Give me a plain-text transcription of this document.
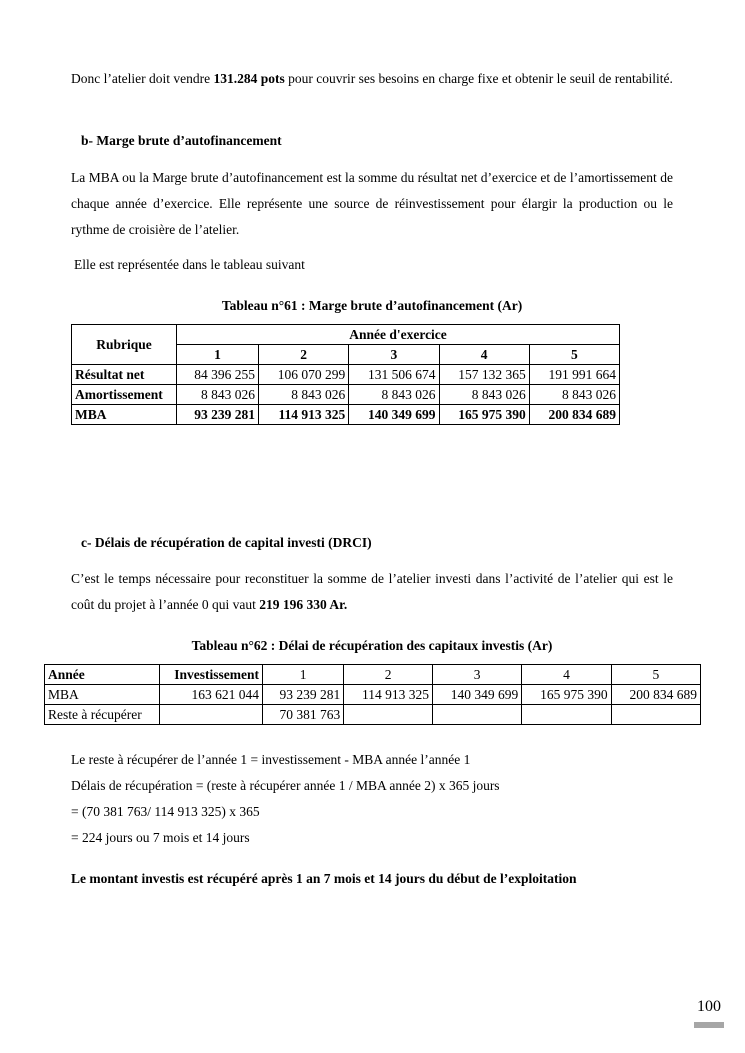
Donc l’atelier doit vendre 131.284 pots pour couvrir ses besoins en charge fixe et obtenir le seuil de rentabilité.

b- Marge brute d’autofinancement

La MBA ou la Marge brute d’autofinancement est la somme du résultat net d’exercice et de l’amortissement de chaque année d’exercice. Elle représente une source de réinvestissement pour élargir la production ou le rythme de croisière de l’atelier.

Elle est représentée dans le tableau suivant
Tableau n°61 : Marge brute d’autofinancement (Ar)
Rubrique	Année d'exercice				
	1	2	3	4	5
Résultat net	84 396 255	106 070 299	131 506 674	157 132 365	191 991 664
Amortissement	8 843 026	8 843 026	8 843 026	8 843 026	8 843 026
MBA	93 239 281	114 913 325	140 349 699	165 975 390	200 834 689
c- Délais de récupération de capital investi (DRCI)

C’est le temps nécessaire pour reconstituer la somme de l’atelier investi dans l’activité de l’atelier qui est le coût du projet à l’année 0 qui vaut 219 196 330 Ar.

Tableau n°62 : Délai de récupération des capitaux investis (Ar)
Année	Investissement	1	2	3	4	5
MBA	163 621 044	93 239 281	114 913 325	140 349 699	165 975 390	200 834 689
Reste à récupérer		70 381 763				
Le reste à récupérer de l’année 1 = investissement - MBA année l’année 1
Délais de récupération = (reste à récupérer année 1 / MBA année 2) x 365 jours
= (70 381 763/ 114 913 325) x 365
= 224 jours ou 7 mois et 14 jours
Le montant investis est récupéré après 1 an 7 mois et 14 jours du début de l’exploitation
100
